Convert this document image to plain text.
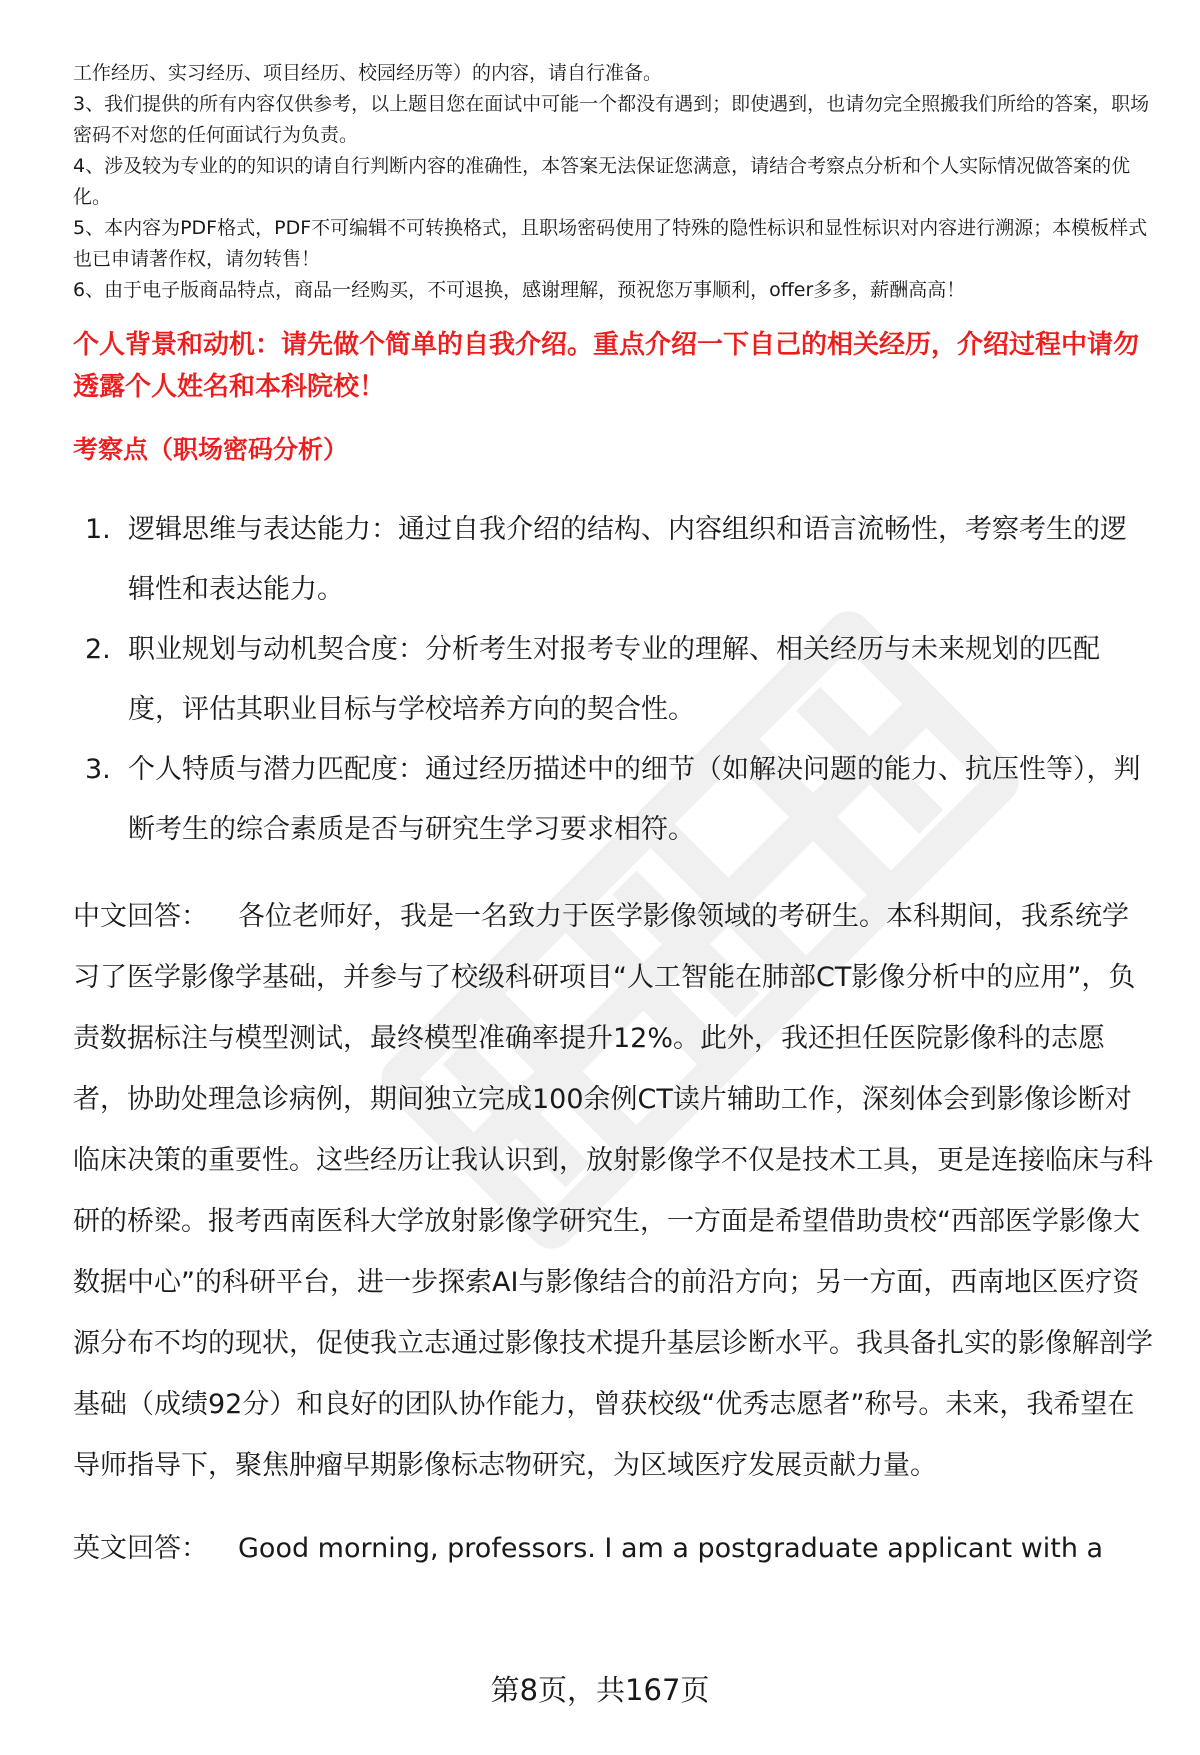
工作经历、实习经历、项目经历、校园经历等）的内容，请自行准备。
3、我们提供的所有内容仅供参考，以上题目您在面试中可能一个都没有遇到；即使遇到，也请勿完全照搬我们所给的答案，职场密码不对您的任何面试行为负责。
4、涉及较为专业的的知识的请自行判断内容的准确性，本答案无法保证您满意，请结合考察点分析和个人实际情况做答案的优化。
5、本内容为PDF格式，PDF不可编辑不可转换格式，且职场密码使用了特殊的隐性标识和显性标识对内容进行溯源；本模板样式也已申请著作权，请勿转售！
6、由于电子版商品特点，商品一经购买，不可退换，感谢理解，预祝您万事顺利，offer多多，薪酬高高！
个人背景和动机：请先做个简单的自我介绍。重点介绍一下自己的相关经历，介绍过程中请勿透露个人姓名和本科院校！
考察点（职场密码分析）
1. 逻辑思维与表达能力：通过自我介绍的结构、内容组织和语言流畅性，考察考生的逻辑性和表达能力。
2. 职业规划与动机契合度：分析考生对报考专业的理解、相关经历与未来规划的匹配度，评估其职业目标与学校培养方向的契合性。
3. 个人特质与潜力匹配度：通过经历描述中的细节（如解决问题的能力、抗压性等），判断考生的综合素质是否与研究生学习要求相符。
中文回答： 各位老师好，我是一名致力于医学影像领域的考研生。本科期间，我系统学习了医学影像学基础，并参与了校级科研项目“人工智能在肺部CT影像分析中的应用”，负责数据标注与模型测试，最终模型准确率提升12%。此外，我还担任医院影像科的志愿者，协助处理急诊病例，期间独立完成100余例CT读片辅助工作，深刻体会到影像诊断对临床决策的重要性。这些经历让我认识到，放射影像学不仅是技术工具，更是连接临床与科研的桥梁。报考西南医科大学放射影像学研究生，一方面是希望借助贵校“西部医学影像大数据中心”的科研平台，进一步探索AI与影像结合的前沿方向；另一方面，西南地区医疗资源分布不均的现状，促使我立志通过影像技术提升基层诊断水平。我具备扎实的影像解剖学基础（成绩92分）和良好的团队协作能力，曾获校级“优秀志愿者”称号。未来，我希望在导师指导下，聚焦肿瘤早期影像标志物研究，为区域医疗发展贡献力量。
英文回答： Good morning, professors. I am a postgraduate applicant with a
第8页，共167页
